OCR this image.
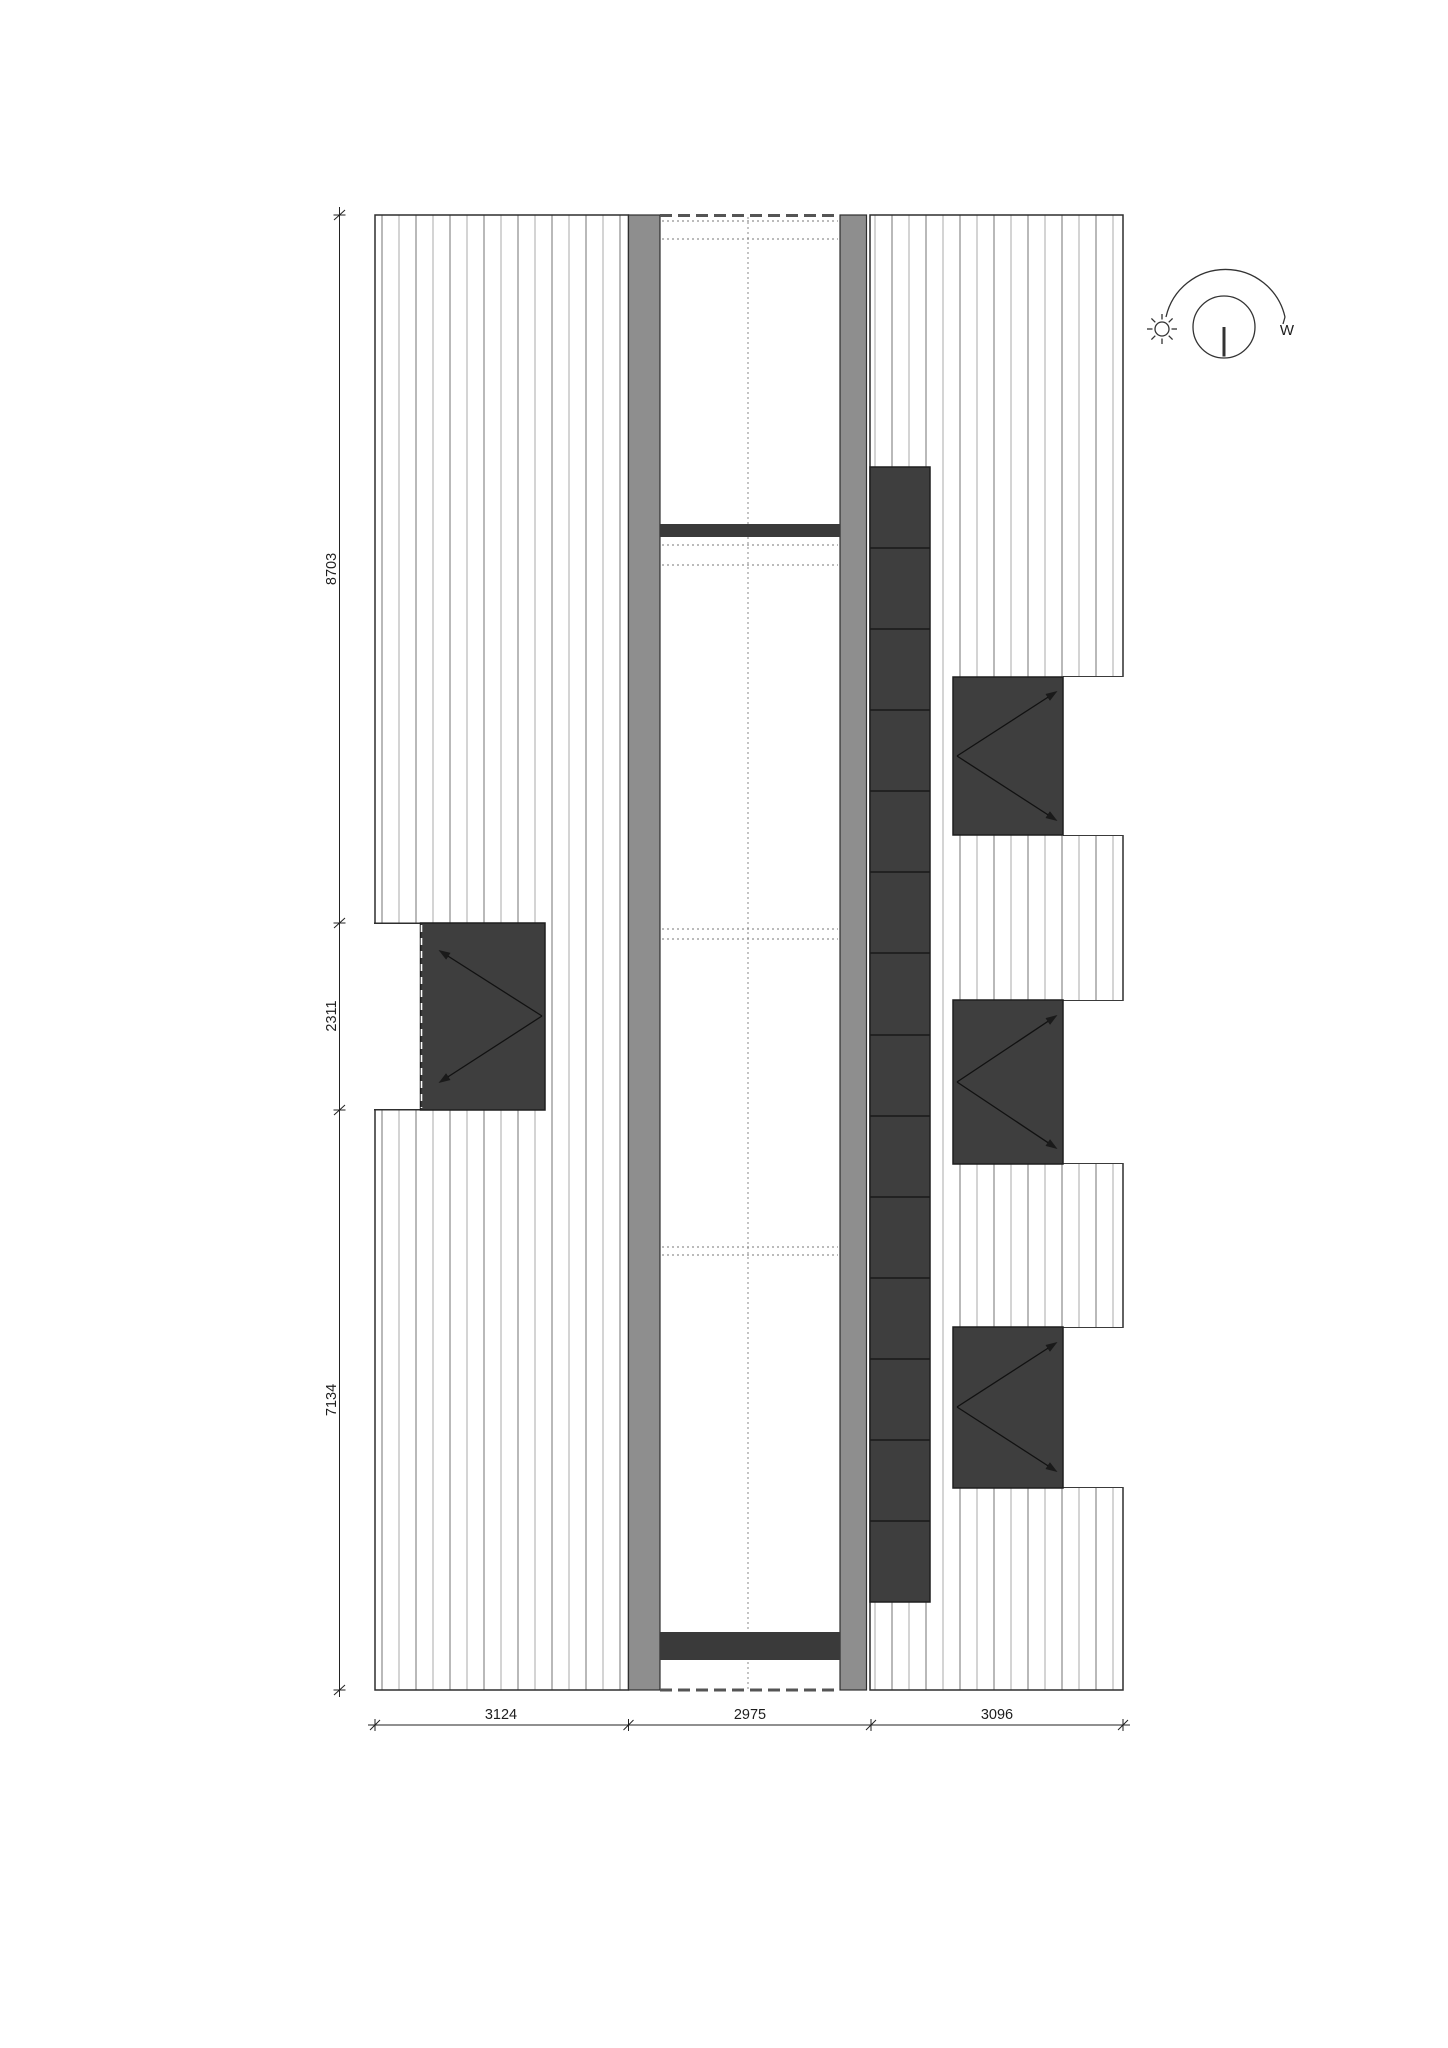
8703
2311
7134
3124	2975	3096
W
